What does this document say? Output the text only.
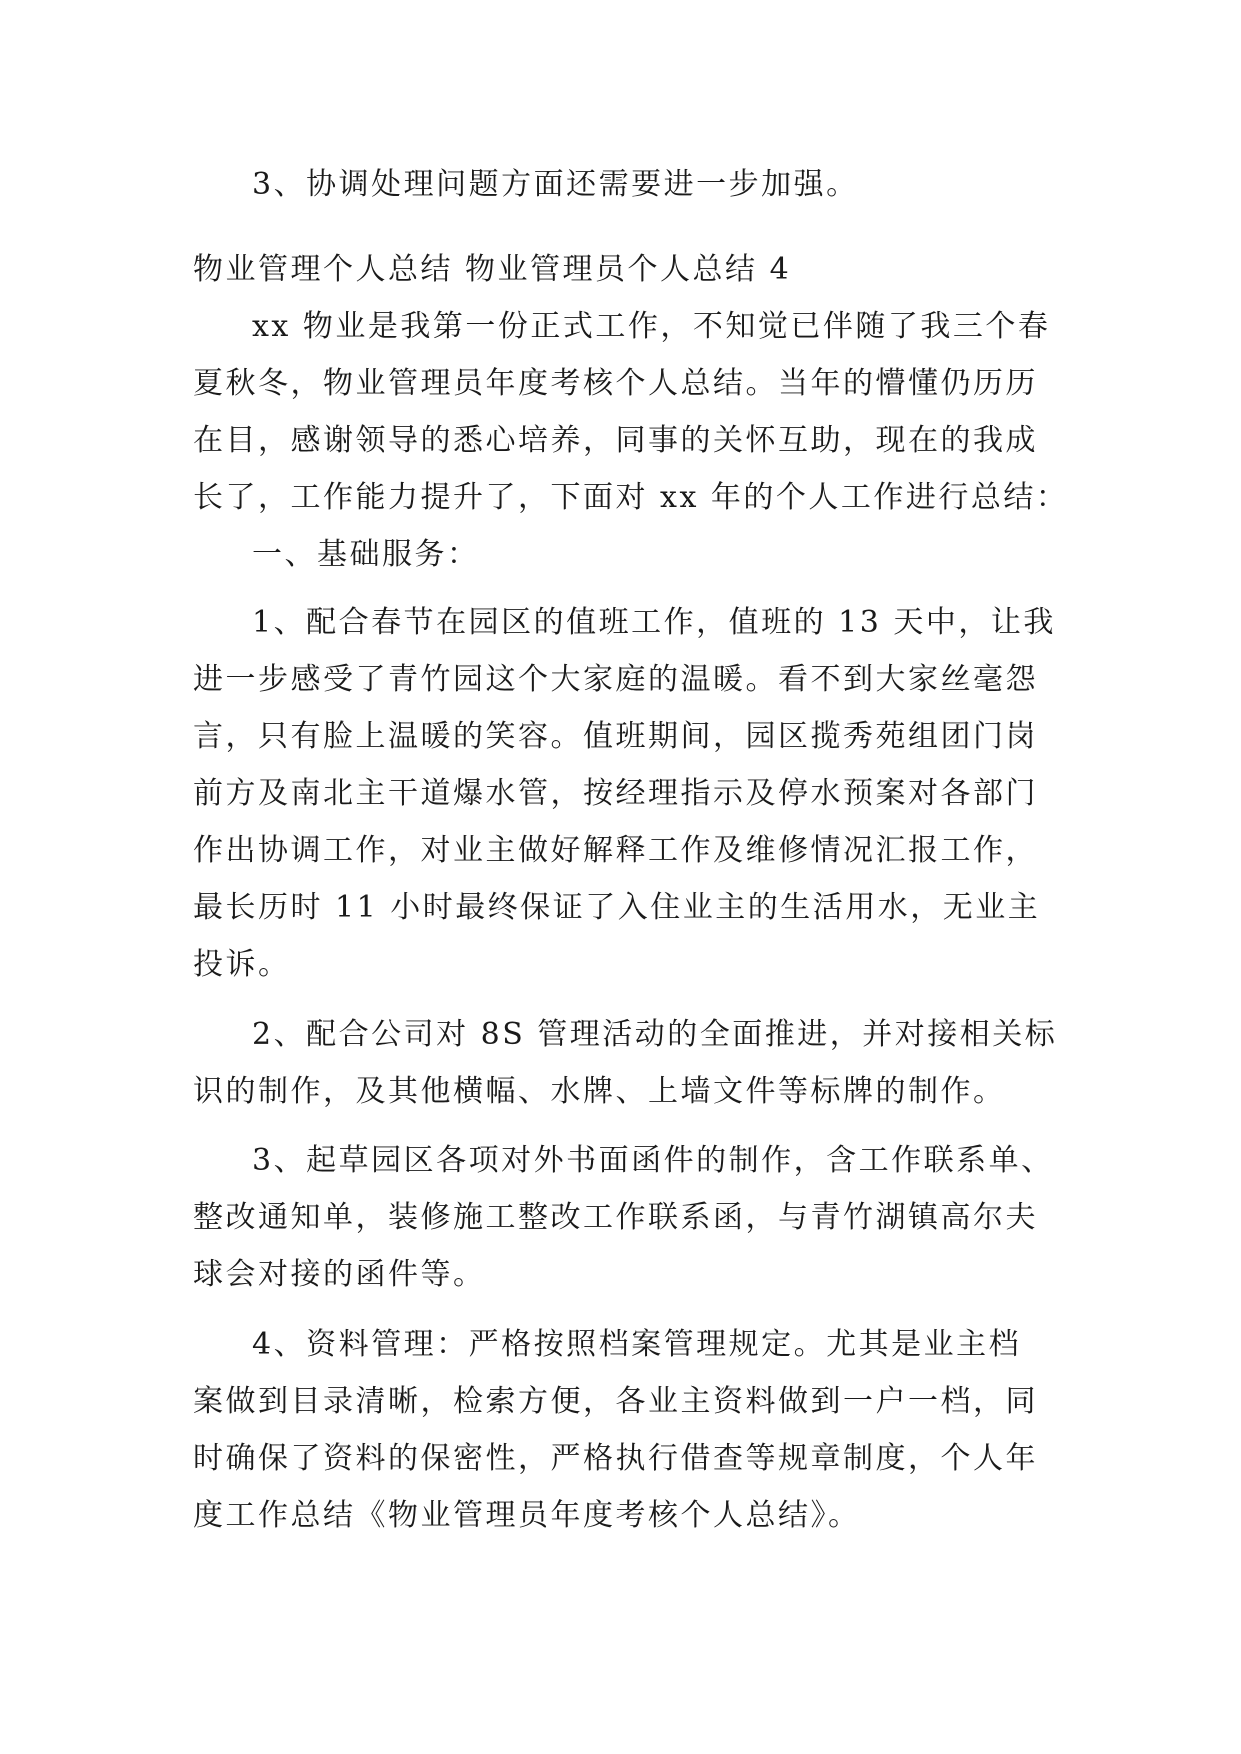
3、协调处理问题方面还需要进一步加强。
物业管理个人总结 物业管理员个人总结 4
xx 物业是我第一份正式工作，不知觉已伴随了我三个春
夏秋冬，物业管理员年度考核个人总结。当年的懵懂仍历历
在目，感谢领导的悉心培养，同事的关怀互助，现在的我成
长了，工作能力提升了，下面对 xx 年的个人工作进行总结：
一、基础服务：
1、配合春节在园区的值班工作，值班的 13 天中，让我
进一步感受了青竹园这个大家庭的温暖。看不到大家丝毫怨
言，只有脸上温暖的笑容。值班期间，园区揽秀苑组团门岗
前方及南北主干道爆水管，按经理指示及停水预案对各部门
作出协调工作，对业主做好解释工作及维修情况汇报工作，
最长历时 11 小时最终保证了入住业主的生活用水，无业主
投诉。
2、配合公司对 8S 管理活动的全面推进，并对接相关标
识的制作，及其他横幅、水牌、上墙文件等标牌的制作。
3、起草园区各项对外书面函件的制作，含工作联系单、
整改通知单，装修施工整改工作联系函，与青竹湖镇高尔夫
球会对接的函件等。
4、资料管理：严格按照档案管理规定。尤其是业主档
案做到目录清晰，检索方便，各业主资料做到一户一档，同
时确保了资料的保密性，严格执行借查等规章制度，个人年
度工作总结《物业管理员年度考核个人总结》。
